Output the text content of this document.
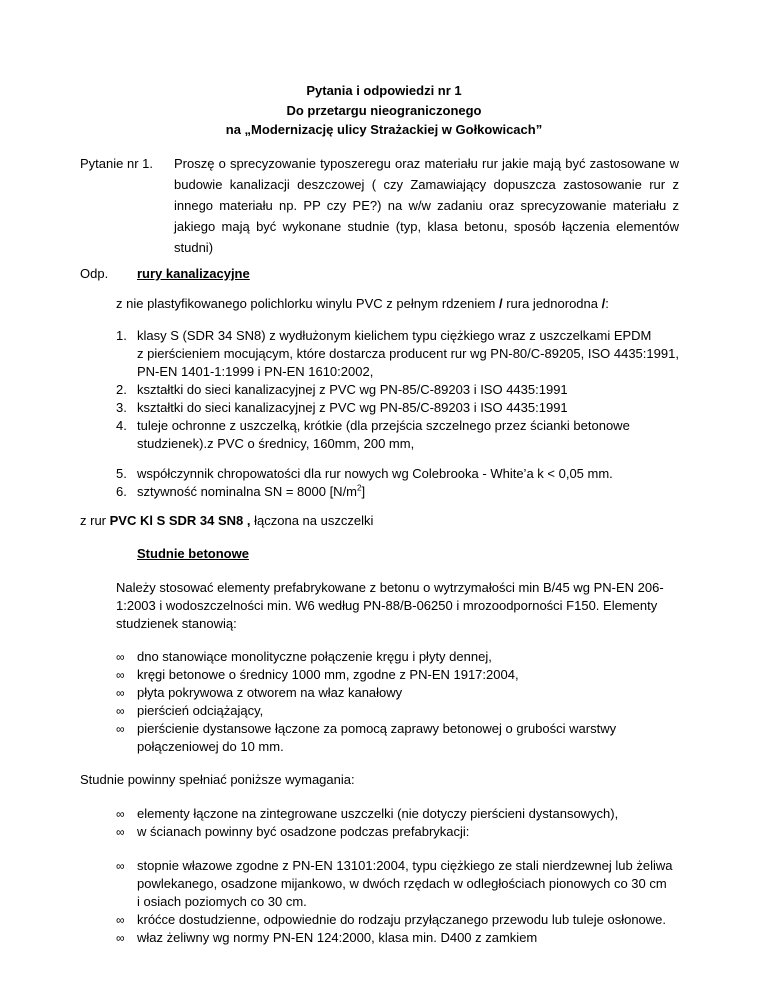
Pytania i odpowiedzi nr 1
Do przetargu nieograniczonego
na „Modernizację ulicy Strażackiej w Gołkowicach”
Pytanie nr 1. Proszę o sprecyzowanie typoszeregu oraz materiału rur jakie mają być zastosowane w
budowie kanalizacji deszczowej ( czy Zamawiający dopuszcza zastosowanie rur z
innego materiału np. PP czy PE?) na w/w zadaniu oraz sprecyzowanie materiału z
jakiego mają być wykonane studnie (typ, klasa betonu, sposób łączenia elementów
studni)
Odp. rury kanalizacyjne
z nie plastyfikowanego polichlorku winylu PVC z pełnym rdzeniem / rura jednorodna /:
1. klasy S (SDR 34 SN8) z wydłużonym kielichem typu ciężkiego wraz z uszczelkami EPDM
z pierścieniem mocującym, które dostarcza producent rur wg PN-80/C-89205, ISO 4435:1991,
PN-EN 1401-1:1999 i PN-EN 1610:2002,
2. kształtki do sieci kanalizacyjnej z PVC wg PN-85/C-89203 i ISO 4435:1991
3. kształtki do sieci kanalizacyjnej z PVC wg PN-85/C-89203 i ISO 4435:1991
4. tuleje ochronne z uszczelką, krótkie (dla przejścia szczelnego przez ścianki betonowe
studzienek).z PVC o średnicy, 160mm, 200 mm,
5. współczynnik chropowatości dla rur nowych wg Colebrooka - White’a k < 0,05 mm.
6. sztywność nominalna SN = 8000 $[N/m^2]$
z rur PVC Kl S SDR 34 SN8 , łączona na uszczelki
Studnie betonowe
Należy stosować elementy prefabrykowane z betonu o wytrzymałości min B/45 wg PN-EN 206-
1:2003 i wodoszczelności min. W6 według PN-88/B-06250 i mrozoodporności F150. Elementy
studzienek stanowią:
∞ dno stanowiące monolityczne połączenie kręgu i płyty dennej,
∞ kręgi betonowe o średnicy 1000 mm, zgodne z PN-EN 1917:2004,
∞ płyta pokrywowa z otworem na właz kanałowy
∞ pierścień odciążający,
∞ pierścienie dystansowe łączone za pomocą zaprawy betonowej o grubości warstwy
połączeniowej do 10 mm.
Studnie powinny spełniać poniższe wymagania:
∞ elementy łączone na zintegrowane uszczelki (nie dotyczy pierścieni dystansowych),
∞ w ścianach powinny być osadzone podczas prefabrykacji:
∞ stopnie włazowe zgodne z PN-EN 13101:2004, typu ciężkiego ze stali nierdzewnej lub żeliwa
powlekanego, osadzone mijankowo, w dwóch rzędach w odległościach pionowych co 30 cm
i osiach poziomych co 30 cm.
∞ króćce dostudzienne, odpowiednie do rodzaju przyłączanego przewodu lub tuleje osłonowe.
∞ właz żeliwny wg normy PN-EN 124:2000, klasa min. D400 z zamkiem
